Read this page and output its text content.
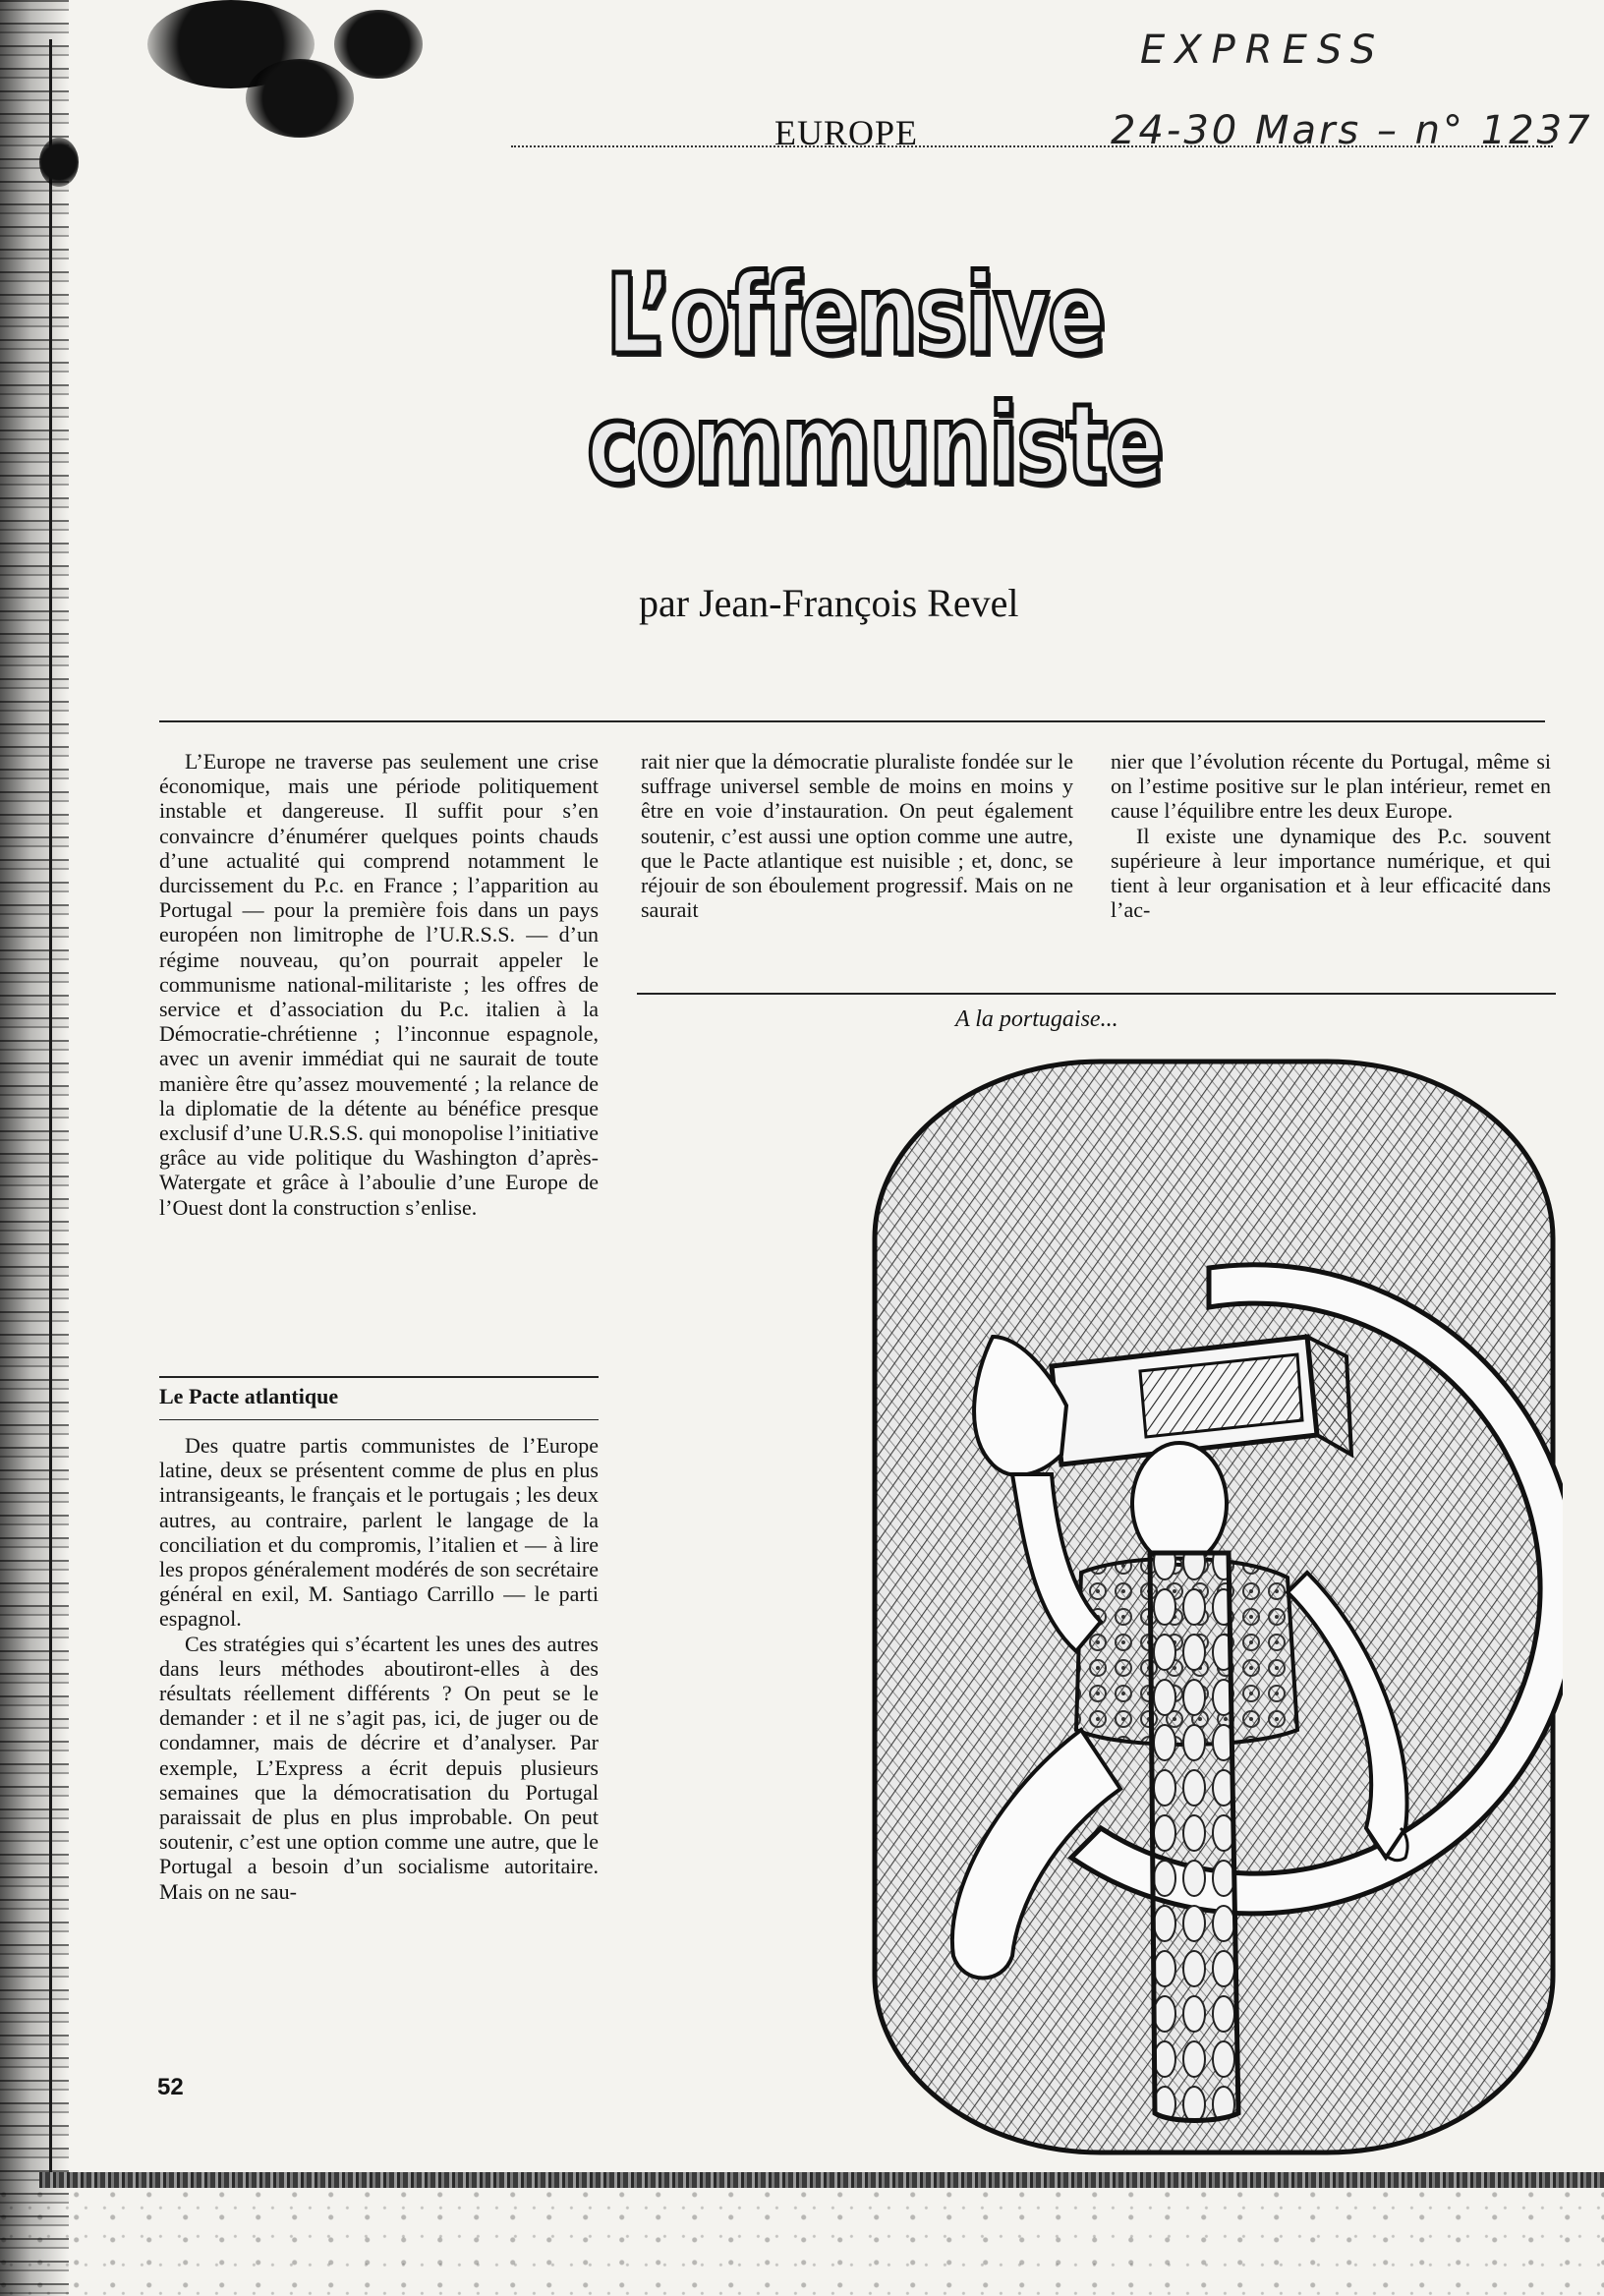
EXPRESS
24-30 Mars – n° 1237
EUROPE
L’offensive
communiste
par Jean-François Revel

L’Europe ne traverse pas seulement une crise économique, mais une période politiquement instable et dangereuse. Il suffit pour s’en convaincre d’énumérer quelques points chauds d’une actualité qui comprend notamment le durcissement du P.c. en France ; l’apparition au Portugal — pour la première fois dans un pays européen non limitrophe de l’U.R.S.S. — d’un régime nouveau, qu’on pourrait appeler le communisme national-militariste ; les offres de service et d’association du P.c. italien à la Démocratie-chrétienne ; l’inconnue espagnole, avec un avenir immédiat qui ne saurait de toute manière être qu’assez mouvementé ; la relance de la diplomatie de la détente au bénéfice presque exclusif d’une U.R.S.S. qui monopolise l’initiative grâce au vide politique du Washington d’après-Watergate et grâce à l’aboulie d’une Europe de l’Ouest dont la construction s’enlise.

Le Pacte atlantique

Des quatre partis communistes de l’Europe latine, deux se présentent comme de plus en plus intransigeants, le français et le portugais ; les deux autres, au contraire, parlent le langage de la conciliation et du compromis, l’italien et — à lire les propos généralement modérés de son secrétaire général en exil, M. Santiago Carrillo — le parti espagnol.

Ces stratégies qui s’écartent les unes des autres dans leurs méthodes aboutiront-elles à des résultats réellement différents ? On peut se le demander : et il ne s’agit pas, ici, de juger ou de condamner, mais de décrire et d’analyser. Par exemple, L’Express a écrit depuis plusieurs semaines que la démocratisation du Portugal paraissait de plus en plus improbable. On peut soutenir, c’est une option comme une autre, que le Portugal a besoin d’un socialisme autoritaire. Mais on ne sau-

rait nier que la démocratie pluraliste fondée sur le suffrage universel semble de moins en moins y être en voie d’instauration. On peut également soutenir, c’est aussi une option comme une autre, que le Pacte atlantique est nuisible ; et, donc, se réjouir de son éboulement progressif. Mais on ne saurait

nier que l’évolution récente du Portugal, même si on l’estime positive sur le plan intérieur, remet en cause l’équilibre entre les deux Europe.

Il existe une dynamique des P.c. souvent supérieure à leur importance numérique, et qui tient à leur organisation et à leur efficacité dans l’ac-

A la portugaise...
52
